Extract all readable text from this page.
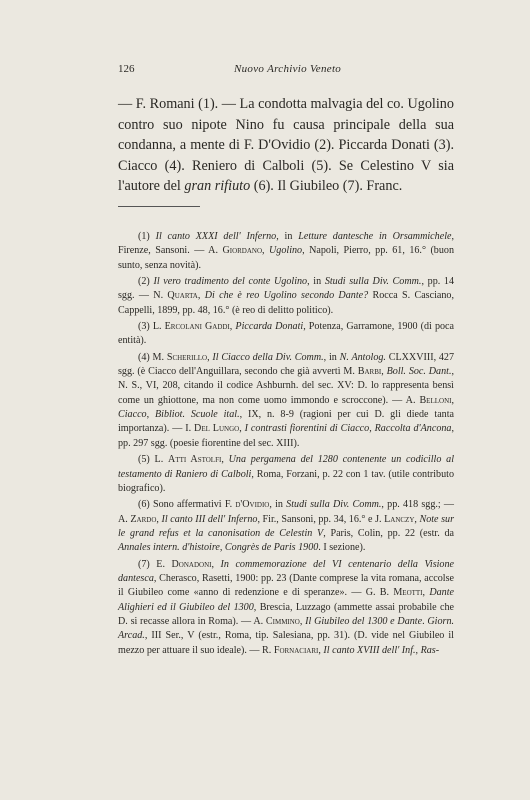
126	Nuovo Archivio Veneto

— F. Romani (1). — La condotta malvagia del co. Ugolino contro suo nipote Nino fu causa principale della sua condanna, a mente di F. D'Ovidio (2). Piccarda Donati (3). Ciacco (4). Reniero di Calboli (5). Se Celestino V sia l'autore del gran rifiuto (6). Il Giubileo (7). Franc.

(1) Il canto XXXI dell' Inferno, in Letture dantesche in Orsammichele, Firenze, Sansoni. — A. Giordano, Ugolino, Napoli, Pierro, pp. 61, 16.° (buon sunto, senza novità).

(2) Il vero tradimento del conte Ugolino, in Studi sulla Div. Comm., pp. 14 sgg. — N. Quarta, Di che è reo Ugolino secondo Dante? Rocca S. Casciano, Cappelli, 1899, pp. 48, 16.° (è reo di delitto politico).

(3) L. Ercolani Gaddi, Piccarda Donati, Potenza, Garramone, 1900 (di poca entità).

(4) M. Scherillo, Il Ciacco della Div. Comm., in N. Antolog. CLXXVIII, 427 sgg. (è Ciacco dell'Anguillara, secondo che già avvertì M. Barbi, Boll. Soc. Dant., N. S., VI, 208, citando il codice Ashburnh. del sec. XV: D. lo rappresenta bensì come un ghiottone, ma non come uomo immondo e scroccone). — A. Belloni, Ciacco, Bibliot. Scuole ital., IX, n. 8-9 (ragioni per cui D. gli diede tanta importanza). — I. Del Lungo, I contrasti fiorentini di Ciacco, Raccolta d'Ancona, pp. 297 sgg. (poesie fiorentine del sec. XIII).

(5) L. Atti Astolfi, Una pergamena del 1280 contenente un codicillo al testamento di Raniero di Calboli, Roma, Forzani, p. 22 con 1 tav. (utile contributo biografico).

(6) Sono affermativi F. d'Ovidio, in Studi sulla Div. Comm., pp. 418 sgg.; — A. Zardo, Il canto III dell' Inferno, Fir., Sansoni, pp. 34, 16.° e J. Lanczy, Note sur le grand refus et la canonisation de Celestin V, Paris, Colin, pp. 22 (estr. da Annales intern. d'histoire, Congrès de Paris 1900. I sezione).

(7) E. Donadoni, In commemorazione del VI centenario della Visione dantesca, Cherasco, Rasetti, 1900: pp. 23 (Dante comprese la vita romana, accolse il Giubileo come «anno di redenzione e di speranze». — G. B. Meotti, Dante Alighieri ed il Giubileo del 1300, Brescia, Luzzago (ammette assai probabile che D. si recasse allora in Roma). — A. Cimmino, Il Giubileo del 1300 e Dante. Giorn. Arcad., III Ser., V (estr., Roma, tip. Salesiana, pp. 31). (D. vide nel Giubileo il mezzo per attuare il suo ideale). — R. Fornaciari, Il canto XVIII dell' Inf., Ras-
